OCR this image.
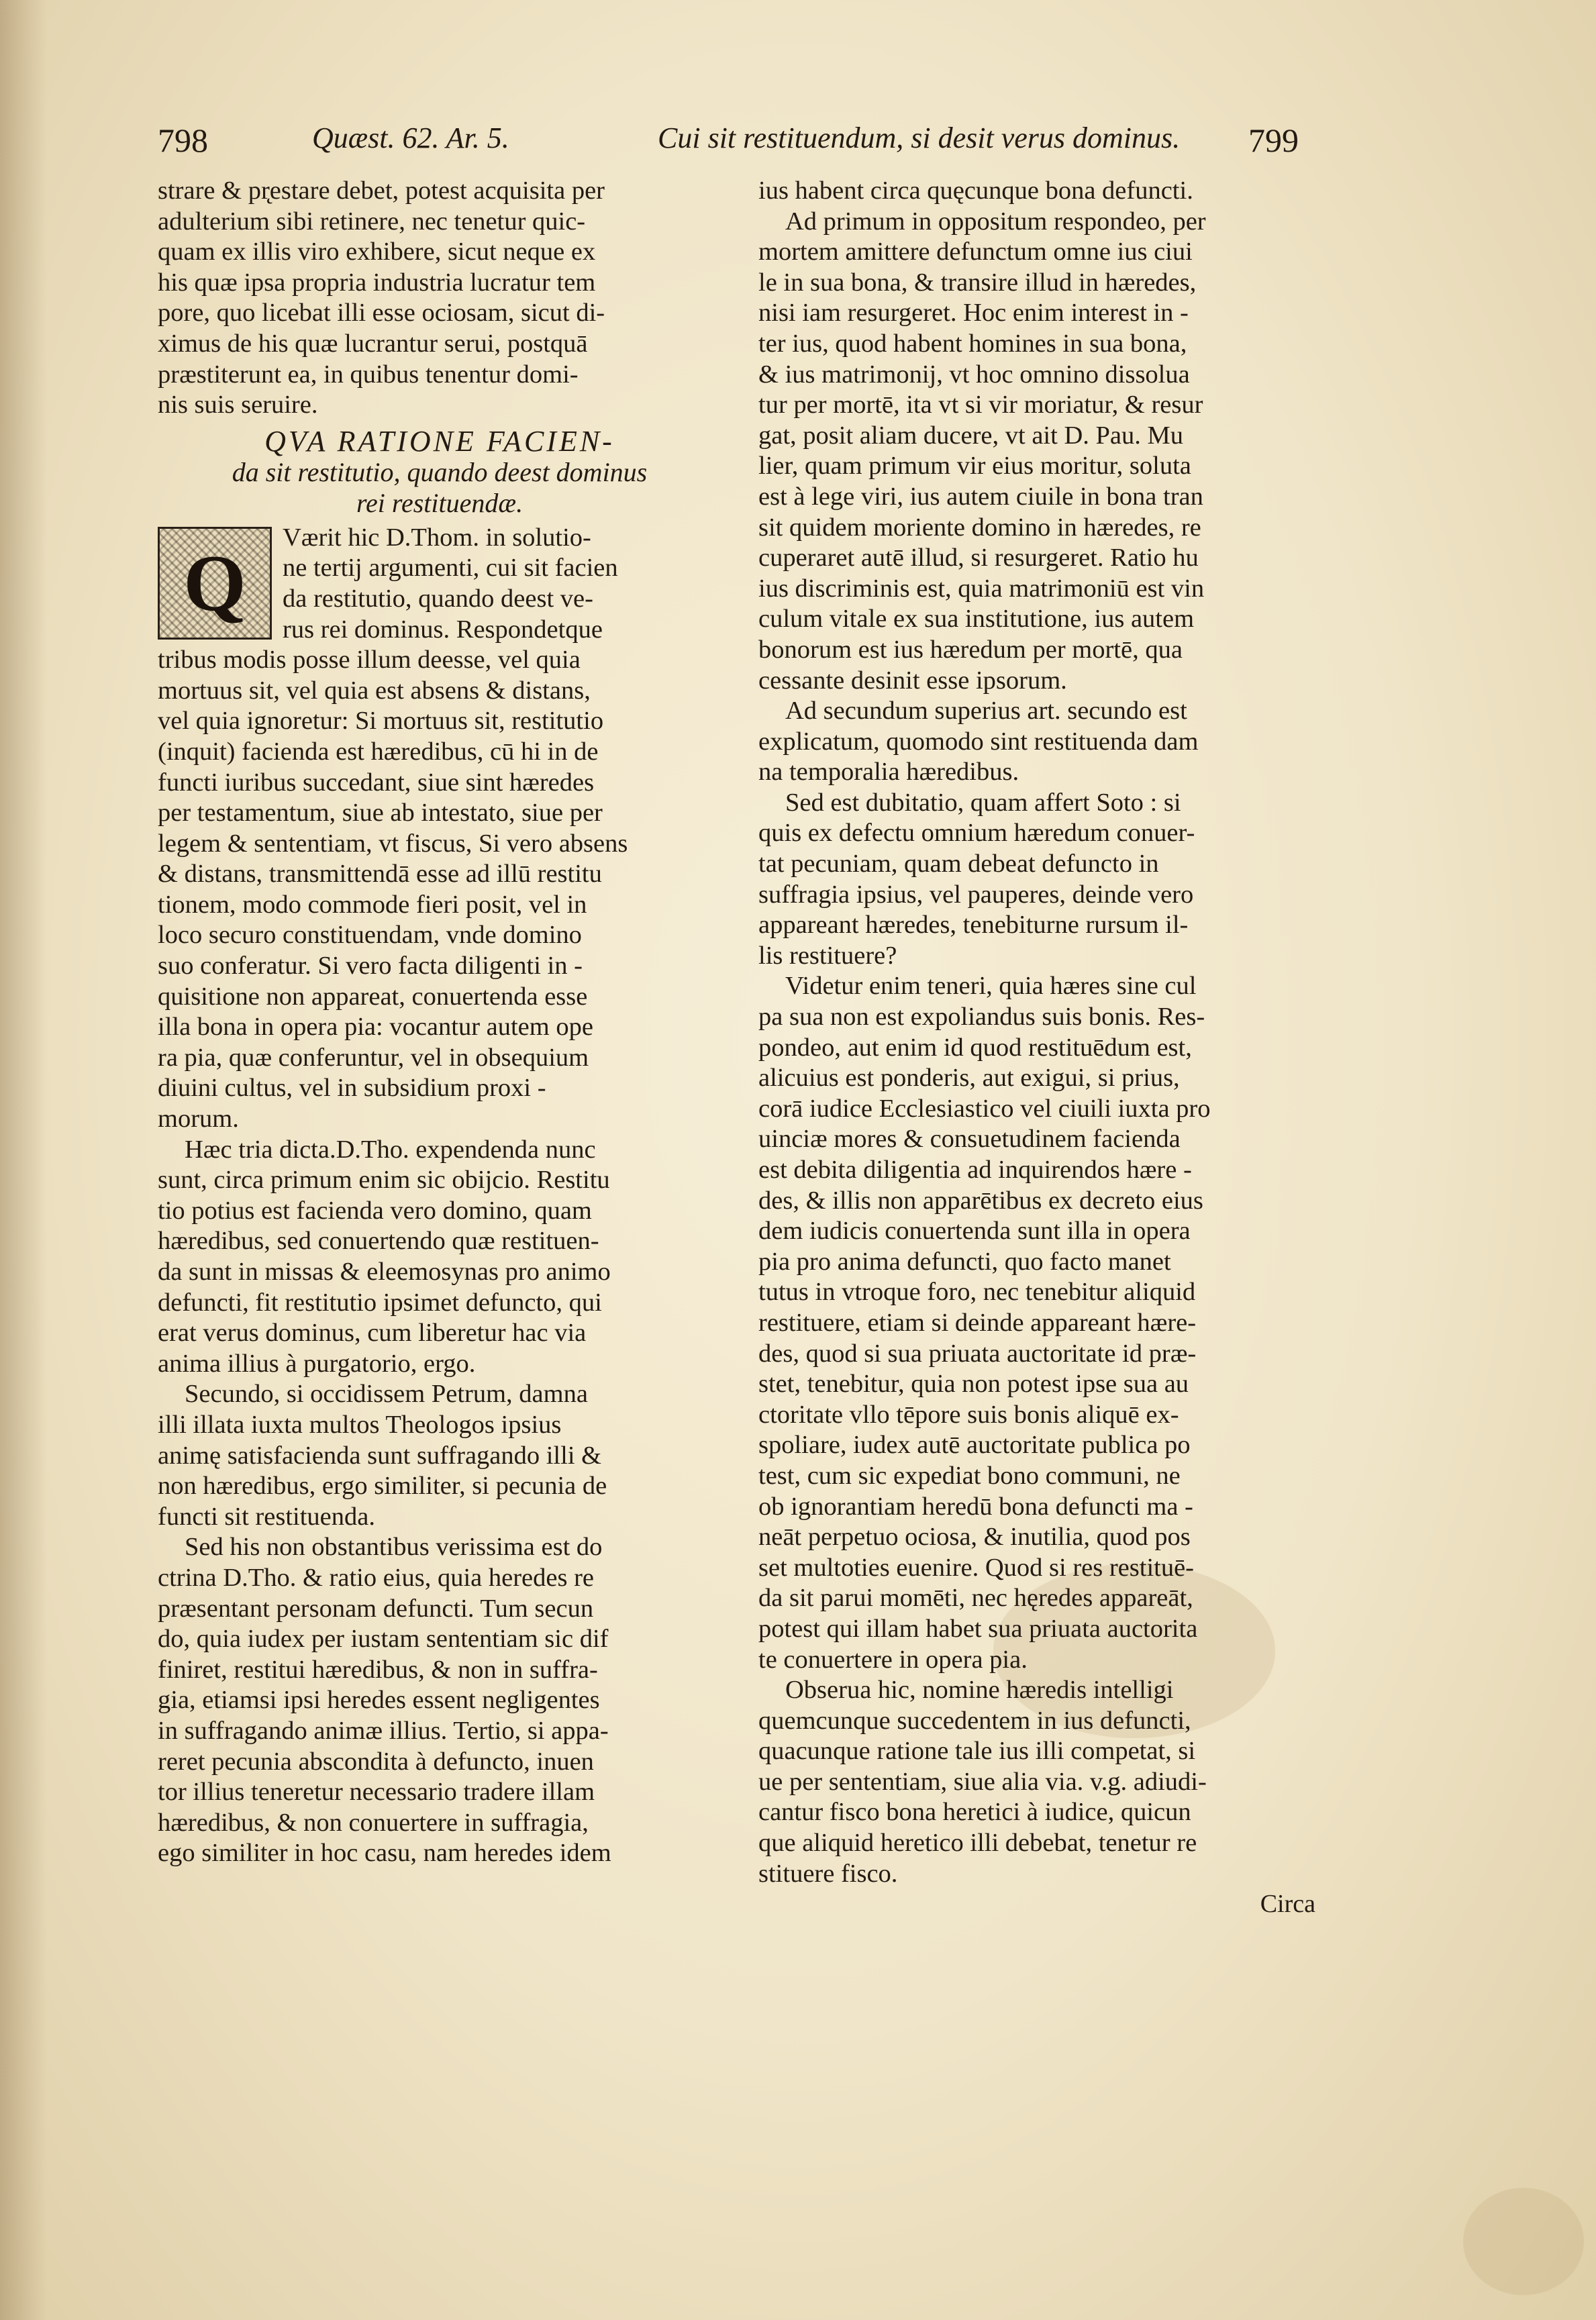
798	Quæst. 62. Ar. 5.	Cui sit restituendum, si desit verus dominus. 799

strare & pr̨estare debet, potest acquisita per
adulterium sibi retinere, nec tenetur quic-
quam ex illis viro exhibere, sicut neque ex
his quæ ipsa propria industria lucratur tem
pore, quo licebat illi esse ociosam, sicut di-
ximus de his quæ lucrantur serui, postquā
præstiterunt ea, in quibus tenentur domi-
nis suis seruire.

QVA RATIONE FACIEN-
da sit restitutio, quando deest dominus
rei restituendæ.
Q
Værit hic D.Thom. in solutio-
ne tertij argumenti, cui sit facien
da restitutio, quando deest ve-
rus rei dominus. Respondetque

tribus modis posse illum deesse, vel quia
mortuus sit, vel quia est absens & distans,
vel quia ignoretur: Si mortuus sit, restitutio
(inquit) facienda est hæredibus, cū hi in de
functi iuribus succedant, siue sint hæredes
per testamentum, siue ab intestato, siue per
legem & sententiam, vt fiscus, Si vero absens
& distans, transmittendā esse ad illū restitu
tionem, modo commode fieri posit, vel in
loco securo constituendam, vnde domino
suo conferatur. Si vero facta diligenti in -
quisitione non appareat, conuertenda esse
illa bona in opera pia: vocantur autem ope
ra pia, quæ conferuntur, vel in obsequium
diuini cultus, vel in subsidium proxi -
morum.

Hæc tria dicta.D.Tho. expendenda nunc
sunt, circa primum enim sic obijcio. Restitu
tio potius est facienda vero domino, quam
hæredibus, sed conuertendo quæ restituen-
da sunt in missas & eleemosynas pro animo
defuncti, fit restitutio ipsimet defuncto, qui
erat verus dominus, cum liberetur hac via
anima illius à purgatorio, ergo.

Secundo, si occidissem Petrum, damna
illi illata iuxta multos Theologos ipsius
animę satisfacienda sunt suffragando illi &
non hæredibus, ergo similiter, si pecunia de
functi sit restituenda.

Sed his non obstantibus verissima est do
ctrina D.Tho. & ratio eius, quia heredes re
præsentant personam defuncti. Tum secun
do, quia iudex per iustam sententiam sic dif
finiret, restitui hæredibus, & non in suffra-
gia, etiamsi ipsi heredes essent negligentes
in suffragando animæ illius. Tertio, si appa-
reret pecunia abscondita à defuncto, inuen
tor illius teneretur necessario tradere illam
hæredibus, & non conuertere in suffragia,
ego similiter in hoc casu, nam heredes idem

ius habent circa quęcunque bona defuncti.

Ad primum in oppositum respondeo, per
mortem amittere defunctum omne ius ciui
le in sua bona, & transire illud in hæredes,
nisi iam resurgeret. Hoc enim interest in -
ter ius, quod habent homines in sua bona,
& ius matrimonij, vt hoc omnino dissolua
tur per mortē, ita vt si vir moriatur, & resur
gat, posit aliam ducere, vt ait D. Pau. Mu
lier, quam primum vir eius moritur, soluta
est à lege viri, ius autem ciuile in bona tran
sit quidem moriente domino in hæredes, re
cuperaret autē illud, si resurgeret. Ratio hu
ius discriminis est, quia matrimoniū est vin
culum vitale ex sua institutione, ius autem
bonorum est ius hæredum per mortē, qua
cessante desinit esse ipsorum.

Ad secundum superius art. secundo est
explicatum, quomodo sint restituenda dam
na temporalia hæredibus.

Sed est dubitatio, quam affert Soto : si
quis ex defectu omnium hæredum conuer-
tat pecuniam, quam debeat defuncto in
suffragia ipsius, vel pauperes, deinde vero
appareant hæredes, tenebiturne rursum il-
lis restituere?

Videtur enim teneri, quia hæres sine cul
pa sua non est expoliandus suis bonis. Res-
pondeo, aut enim id quod restituēdum est,
alicuius est ponderis, aut exigui, si prius,
corā iudice Ecclesiastico vel ciuili iuxta pro
uinciæ mores & consuetudinem facienda
est debita diligentia ad inquirendos hære -
des, & illis non apparētibus ex decreto eius
dem iudicis conuertenda sunt illa in opera
pia pro anima defuncti, quo facto manet
tutus in vtroque foro, nec tenebitur aliquid
restituere, etiam si deinde appareant hære-
des, quod si sua priuata auctoritate id præ-
stet, tenebitur, quia non potest ipse sua au
ctoritate vllo tēpore suis bonis aliquē ex-
spoliare, iudex autē auctoritate publica po
test, cum sic expediat bono communi, ne
ob ignorantiam heredū bona defuncti ma -
neāt perpetuo ociosa, & inutilia, quod pos
set multoties euenire. Quod si res restituē-
da sit parui momēti, nec hęredes appareāt,
potest qui illam habet sua priuata auctorita
te conuertere in opera pia.

Obserua hic, nomine hæredis intelligi
quemcunque succedentem in ius defuncti,
quacunque ratione tale ius illi competat, si
ue per sententiam, siue alia via. v.g. adiudi-
cantur fisco bona heretici à iudice, quicun
que aliquid heretico illi debebat, tenetur re
stituere fisco.

Circa
